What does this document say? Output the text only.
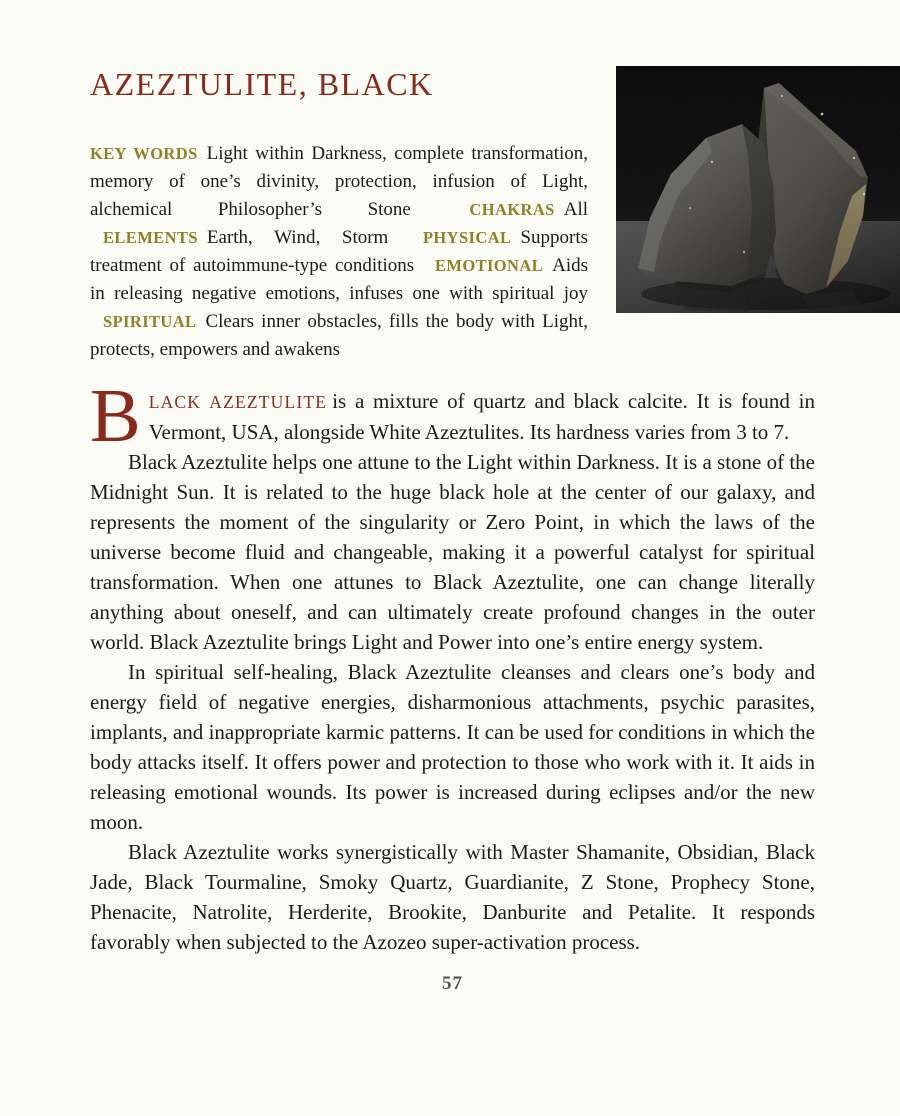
AZEZTULITE, BLACK

KEY WORDS Light within Darkness, complete transformation, memory of one’s divinity, protection, infusion of Light, alchemical Philosopher’s Stone	CHAKRAS All ELEMENTS Earth, Wind, Storm PHYSICAL Supports treatment of autoimmune-type conditions EMOTIONAL Aids in releasing negative emotions, infuses one with spiritual joy SPIRITUAL Clears inner obstacles, fills the body with Light, protects, empowers and awakens

BLACK AZEZTULITE is a mixture of quartz and black calcite. It is found in Vermont, USA, alongside White Azeztulites. Its hardness varies from 3 to 7.

Black Azeztulite helps one attune to the Light within Darkness. It is a stone of the Midnight Sun. It is related to the huge black hole at the center of our galaxy, and represents the moment of the singularity or Zero Point, in which the laws of the universe become fluid and changeable, making it a powerful catalyst for spiritual transformation. When one attunes to Black Azeztulite, one can change literally anything about oneself, and can ultimately create profound changes in the outer world. Black Azeztulite brings Light and Power into one’s entire energy system.

In spiritual self-healing, Black Azeztulite cleanses and clears one’s body and energy field of negative energies, disharmonious attachments, psychic parasites, implants, and inappropriate karmic patterns. It can be used for conditions in which the body attacks itself. It offers power and protection to those who work with it. It aids in releasing emotional wounds. Its power is increased during eclipses and/or the new moon.

Black Azeztulite works synergistically with Master Shamanite, Obsidian, Black Jade, Black Tourmaline, Smoky Quartz, Guardianite, Z Stone, Prophecy Stone, Phenacite, Natrolite, Herderite, Brookite, Danburite and Petalite. It responds favorably when subjected to the Azozeo super-activation process.

57
